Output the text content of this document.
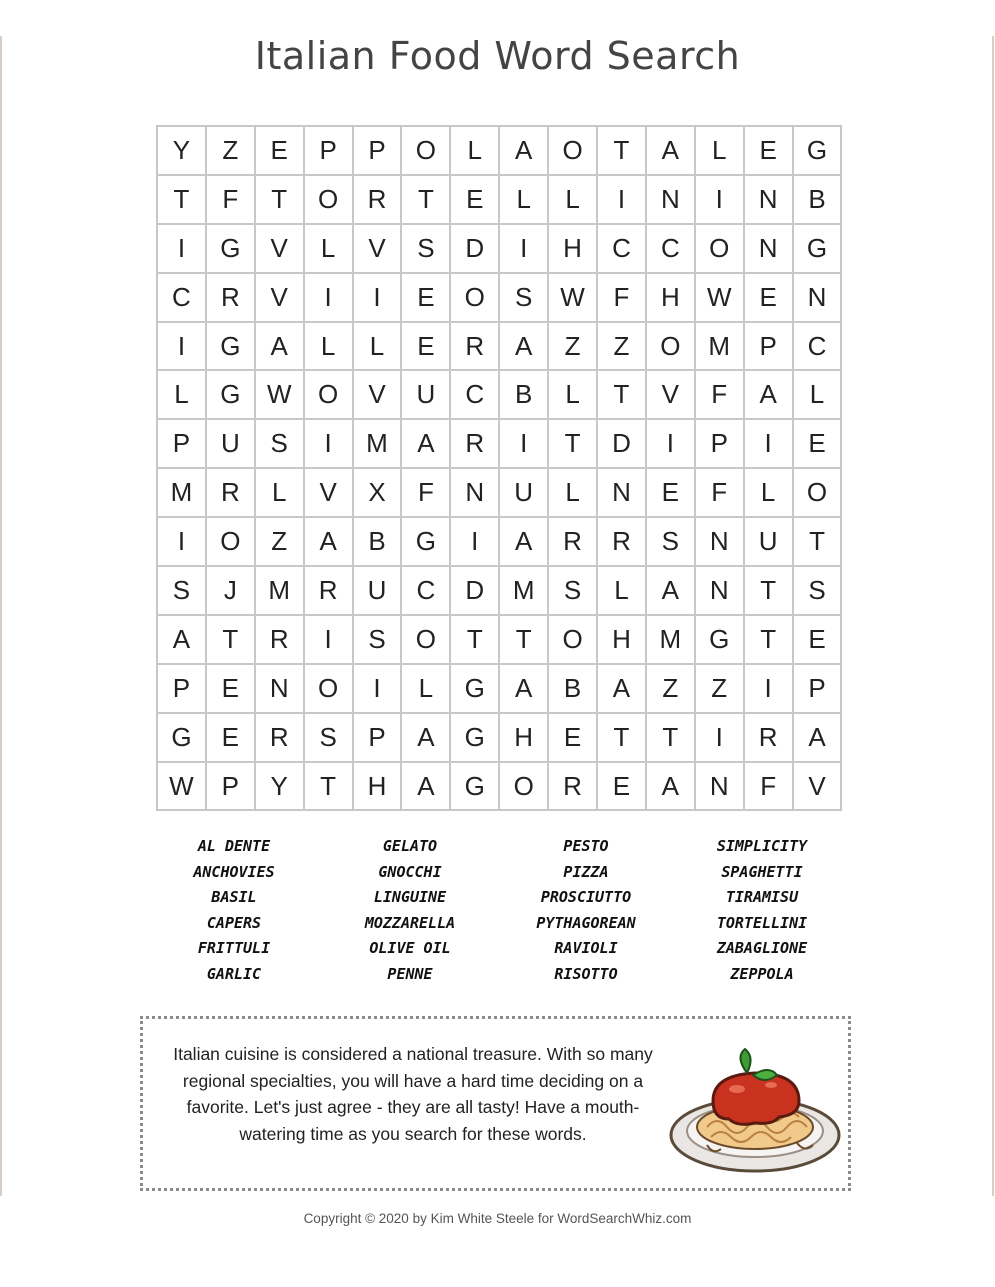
Italian Food Word Search
Y	Z	E	P	P	O	L	A	O	T	A	L	E	G
T	F	T	O	R	T	E	L	L	I	N	I	N	B
I	G	V	L	V	S	D	I	H	C	C	O	N	G
C	R	V	I	I	E	O	S	W	F	H	W	E	N
I	G	A	L	L	E	R	A	Z	Z	O	M	P	C
L	G	W	O	V	U	C	B	L	T	V	F	A	L
P	U	S	I	M	A	R	I	T	D	I	P	I	E
M	R	L	V	X	F	N	U	L	N	E	F	L	O
I	O	Z	A	B	G	I	A	R	R	S	N	U	T
S	J	M	R	U	C	D	M	S	L	A	N	T	S
A	T	R	I	S	O	T	T	O	H	M	G	T	E
P	E	N	O	I	L	G	A	B	A	Z	Z	I	P
G	E	R	S	P	A	G	H	E	T	T	I	R	A
W	P	Y	T	H	A	G	O	R	E	A	N	F	V
AL DENTE
ANCHOVIES
BASIL
CAPERS
FRITTULI
GARLIC
GELATO
GNOCCHI
LINGUINE
MOZZARELLA
OLIVE OIL
PENNE
PESTO
PIZZA
PROSCIUTTO
PYTHAGOREAN
RAVIOLI
RISOTTO
SIMPLICITY
SPAGHETTI
TIRAMISU
TORTELLINI
ZABAGLIONE
ZEPPOLA
Italian cuisine is considered a national treasure. With so many regional specialties, you will have a hard time deciding on a favorite. Let's just agree - they are all tasty! Have a mouth-watering time as you search for these words.
Copyright © 2020 by Kim White Steele for WordSearchWhiz.com
